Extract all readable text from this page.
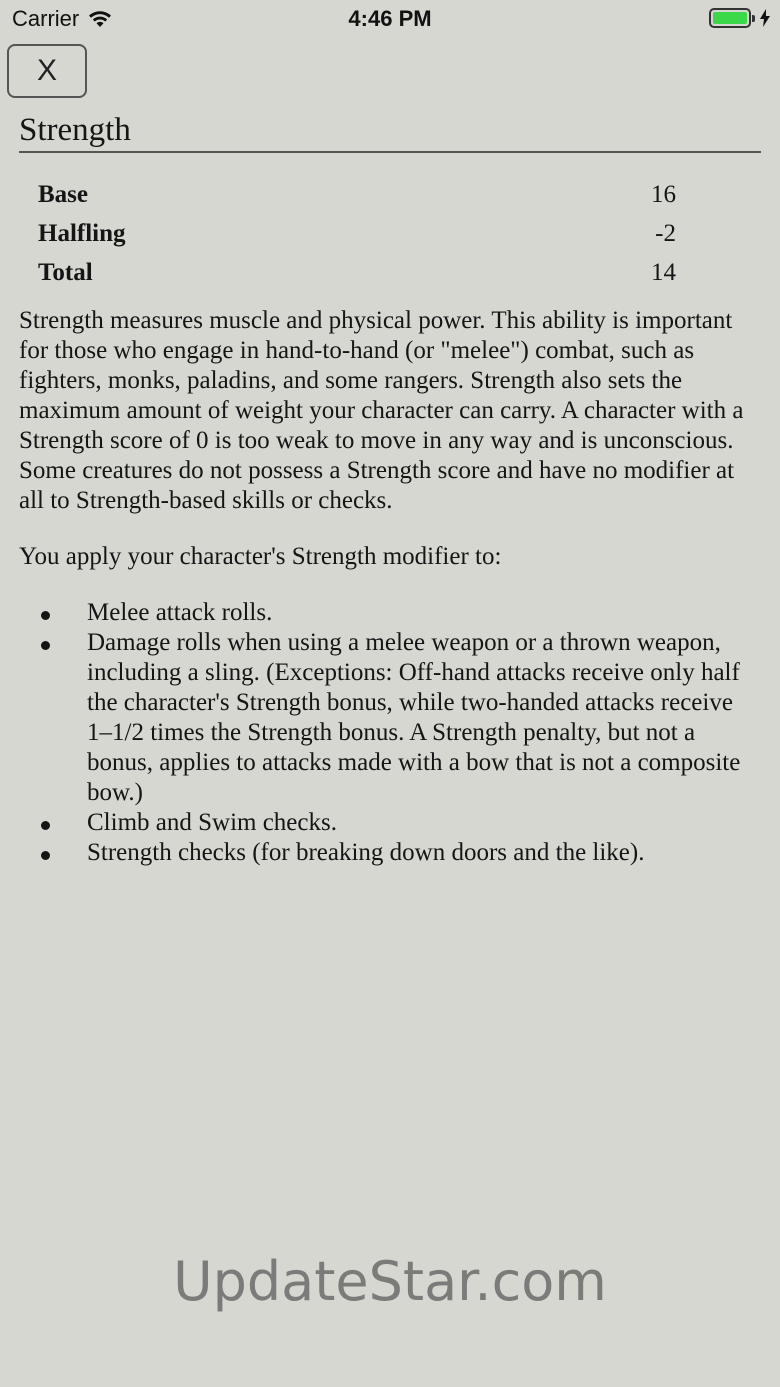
Carrier	4:46 PM
X
Strength
Base	16
Halfling	-2
Total	14

Strength measures muscle and physical power. This ability is important for those who engage in hand-to-hand (or "melee") combat, such as fighters, monks, paladins, and some rangers. Strength also sets the maximum amount of weight your character can carry. A character with a Strength score of 0 is too weak to move in any way and is unconscious. Some creatures do not possess a Strength score and have no modifier at all to Strength-based skills or checks.

You apply your character's Strength modifier to:

Melee attack rolls.
Damage rolls when using a melee weapon or a thrown weapon, including a sling. (Exceptions: Off-hand attacks receive only half the character's Strength bonus, while two-handed attacks receive 1–1/2 times the Strength bonus. A Strength penalty, but not a bonus, applies to attacks made with a bow that is not a composite bow.)
Climb and Swim checks.
Strength checks (for breaking down doors and the like).
UpdateStar.com
